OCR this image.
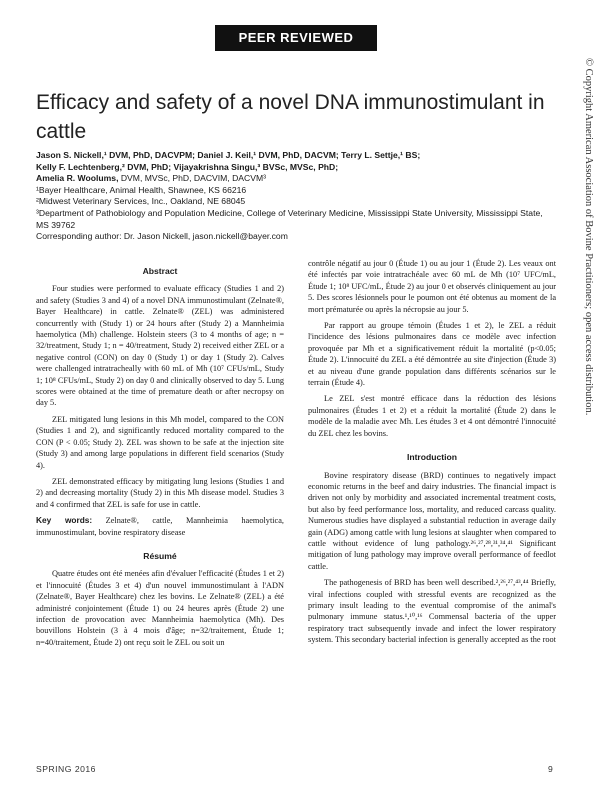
PEER REVIEWED
Efficacy and safety of a novel DNA immunostimulant in cattle	© Copyright American Association of Bovine Practitioners; open access distribution.

Jason S. Nickell,¹ DVM, PhD, DACVPM; Daniel J. Keil,¹ DVM, PhD, DACVM; Terry L. Settje,¹ BS;

Kelly F. Lechtenberg,² DVM, PhD; Vijayakrishna Singu,³ BVSc, MVSc, PhD;

Amelia R. Woolums, DVM, MVSc, PhD, DACVIM, DACVM³

¹Bayer Healthcare, Animal Health, Shawnee, KS 66216

²Midwest Veterinary Services, Inc., Oakland, NE 68045

³Department of Pathobiology and Population Medicine, College of Veterinary Medicine, Mississippi State University, Mississippi State, MS 39762

Corresponding author: Dr. Jason Nickell, jason.nickell@bayer.com

Abstract

Four studies were performed to evaluate efficacy (Studies 1 and 2) and safety (Studies 3 and 4) of a novel DNA immunostimulant (Zelnate®, Bayer Healthcare) in cattle. Zelnate® (ZEL) was administered concurrently with (Study 1) or 24 hours after (Study 2) a Mannheimia haemolytica (Mh) challenge. Holstein steers (3 to 4 months of age; n = 32/treatment, Study 1; n = 40/treatment, Study 2) received either ZEL or a negative control (CON) on day 0 (Study 1) or day 1 (Study 2). Calves were challenged intratracheally with 60 mL of Mh (10⁷ CFUs/mL, Study 1; 10⁸ CFUs/mL, Study 2) on day 0 and clinically observed to day 5. Lung scores were obtained at the time of premature death or after necropsy on day 5.

ZEL mitigated lung lesions in this Mh model, compared to the CON (Studies 1 and 2), and significantly reduced mortality compared to the CON (P < 0.05; Study 2). ZEL was shown to be safe at the injection site (Study 3) and among large populations in different field scenarios (Study 4).

ZEL demonstrated efficacy by mitigating lung lesions (Studies 1 and 2) and decreasing mortality (Study 2) in this Mh disease model. Studies 3 and 4 confirmed that ZEL is safe for use in cattle.

Key words: Zelnate®, cattle, Mannheimia haemolytica, immunostimulant, bovine respiratory disease

Résumé

Quatre études ont été menées afin d'évaluer l'efficacité (Études 1 et 2) et l'innocuité (Études 3 et 4) d'un nouvel immunostimulant à l'ADN (Zelnate®, Bayer Healthcare) chez les bovins. Le Zelnate® (ZEL) a été administré conjointement (Étude 1) ou 24 heures après (Étude 2) une infection de provocation avec Mannheimia haemolytica (Mh). Des bouvillons Holstein (3 à 4 mois d'âge; n=32/traitement, Étude 1; n=40/traitement, Étude 2) ont reçu soit le ZEL ou soit un

contrôle négatif au jour 0 (Étude 1) ou au jour 1 (Étude 2). Les veaux ont été infectés par voie intratrachéale avec 60 mL de Mh (10⁷ UFC/mL, Étude 1; 10⁸ UFC/mL, Étude 2) au jour 0 et observés cliniquement au jour 5. Des scores lésionnels pour le poumon ont été obtenus au moment de la mort prématurée ou après la nécropsie au jour 5.

Par rapport au groupe témoin (Études 1 et 2), le ZEL a réduit l'incidence des lésions pulmonaires dans ce modèle avec infection provoquée par Mh et a significativement réduit la mortalité (p<0.05; Étude 2). L'innocuité du ZEL a été démontrée au site d'injection (Étude 3) et au niveau d'une grande population dans différents scénarios sur le terrain (Étude 4).

Le ZEL s'est montré efficace dans la réduction des lésions pulmonaires (Études 1 et 2) et a réduit la mortalité (Étude 2) dans le modèle de la maladie avec Mh. Les études 3 et 4 ont démontré l'innocuité du ZEL chez les bovins.

Introduction

Bovine respiratory disease (BRD) continues to negatively impact economic returns in the beef and dairy industries. The financial impact is driven not only by morbidity and associated incremental treatment costs, but also by feed performance loss, mortality, and reduced carcass quality. Numerous studies have displayed a substantial reduction in average daily gain (ADG) among cattle with lung lesions at slaughter when compared to cattle without evidence of lung pathology.²⁶,²⁷,²⁸,³¹,³⁴,⁴¹ Significant mitigation of lung pathology may improve overall performance of feedlot cattle.

The pathogenesis of BRD has been well described.²,²⁶,²⁷,⁴³,⁴⁴ Briefly, viral infections coupled with stressful events are recognized as the primary insult leading to the eventual compromise of the animal's pulmonary immune status.¹,¹⁰,¹⁶ Commensal bacteria of the upper respiratory tract subsequently invade and infect the lower respiratory system. This secondary bacterial infection is generally accepted as the root

SPRING 2016	9
